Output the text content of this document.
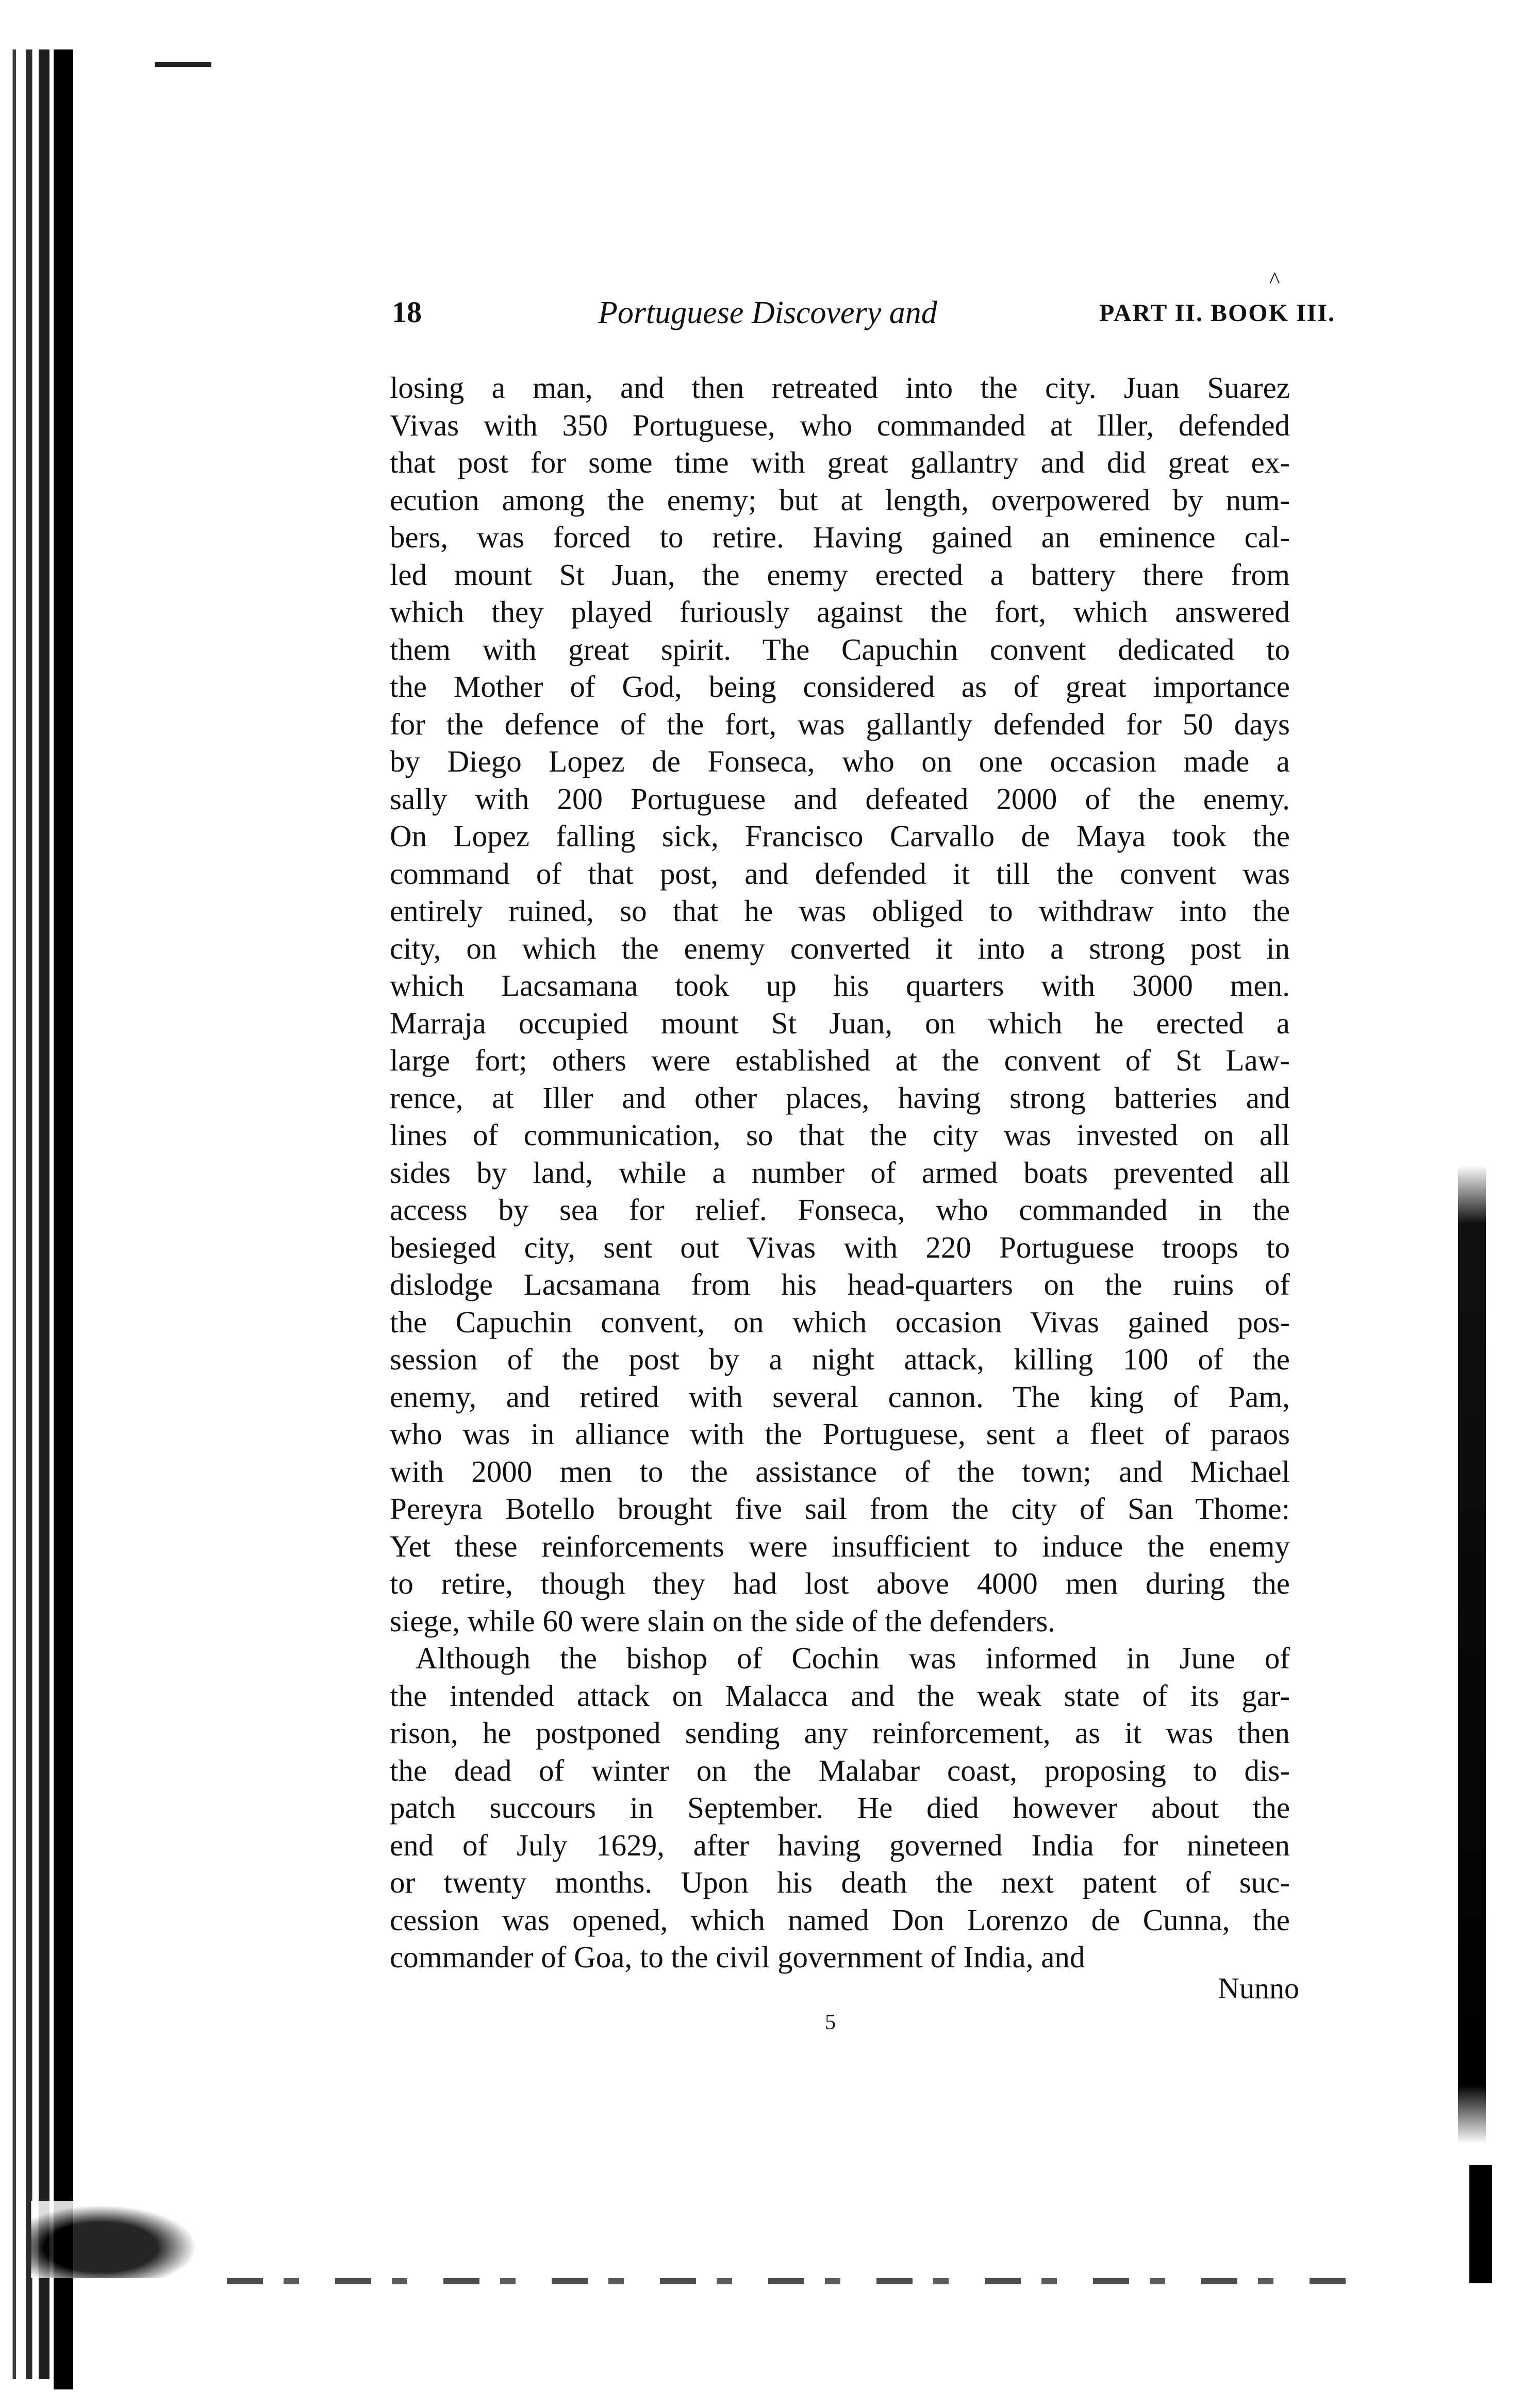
^
18	Portuguese Discovery and	PART II. BOOK III.
losing a man, and then retreated into the city. Juan Suarez
Vivas with 350 Portuguese, who commanded at Iller, defended
that post for some time with great gallantry and did great ex-
ecution among the enemy; but at length, overpowered by num-
bers, was forced to retire. Having gained an eminence cal-
led mount St Juan, the enemy erected a battery there from
which they played furiously against the fort, which answered
them with great spirit. The Capuchin convent dedicated to
the Mother of God, being considered as of great importance
for the defence of the fort, was gallantly defended for 50 days
by Diego Lopez de Fonseca, who on one occasion made a
sally with 200 Portuguese and defeated 2000 of the enemy.
On Lopez falling sick, Francisco Carvallo de Maya took the
command of that post, and defended it till the convent was
entirely ruined, so that he was obliged to withdraw into the
city, on which the enemy converted it into a strong post in
which Lacsamana took up his quarters with 3000 men.
Marraja occupied mount St Juan, on which he erected a
large fort; others were established at the convent of St Law-
rence, at Iller and other places, having strong batteries and
lines of communication, so that the city was invested on all
sides by land, while a number of armed boats prevented all
access by sea for relief. Fonseca, who commanded in the
besieged city, sent out Vivas with 220 Portuguese troops to
dislodge Lacsamana from his head-quarters on the ruins of
the Capuchin convent, on which occasion Vivas gained pos-
session of the post by a night attack, killing 100 of the
enemy, and retired with several cannon. The king of Pam,
who was in alliance with the Portuguese, sent a fleet of paraos
with 2000 men to the assistance of the town; and Michael
Pereyra Botello brought five sail from the city of San Thome:
Yet these reinforcements were insufficient to induce the enemy
to retire, though they had lost above 4000 men during the
siege, while 60 were slain on the side of the defenders.
Although the bishop of Cochin was informed in June of
the intended attack on Malacca and the weak state of its gar-
rison, he postponed sending any reinforcement, as it was then
the dead of winter on the Malabar coast, proposing to dis-
patch succours in September. He died however about the
end of July 1629, after having governed India for nineteen
or twenty months. Upon his death the next patent of suc-
cession was opened, which named Don Lorenzo de Cunna, the
commander of Goa, to the civil government of India, and
Nunno
5
